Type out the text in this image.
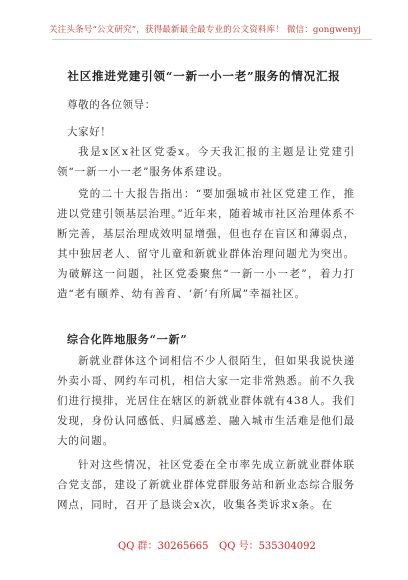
关注头条号“公文研究”，获得最新最全最专业的公文资料库！ 微信：gongwenyj
社区推进党建引领“一新一小一老”服务的情况汇报
尊敬的各位领导：
大家好！

我是x区x社区党委x。今天我汇报的主题是让党建引领“一新一小一老”服务体系建设。

党的二十大报告指出：“要加强城市社区党建工作，推进以党建引领基层治理。”近年来，随着城市社区治理体系不断完善，基层治理成效明显增强，但也存在盲区和薄弱点，其中独居老人、留守儿童和新就业群体治理问题尤为突出。为破解这一问题，社区党委聚焦“一新一小一老”，着力打造“老有颐养、幼有善育、‘新’有所属”幸福社区。

综合化阵地服务“一新”

新就业群体这个词相信不少人很陌生，但如果我说快递外卖小哥、网约车司机，相信大家一定非常熟悉。前不久我们进行摸排，光居住在辖区的新就业群体就有438人。我们发现，身份认同感低、归属感差、融入城市生活难是他们最大的问题。

针对这些情况，社区党委在全市率先成立新就业群体联合党支部，建设了新就业群体党群服务站和新业态综合服务网点，同时，召开了恳谈会x次，收集各类诉求x条。在

QQ 群：30265665 QQ 号：535304092
